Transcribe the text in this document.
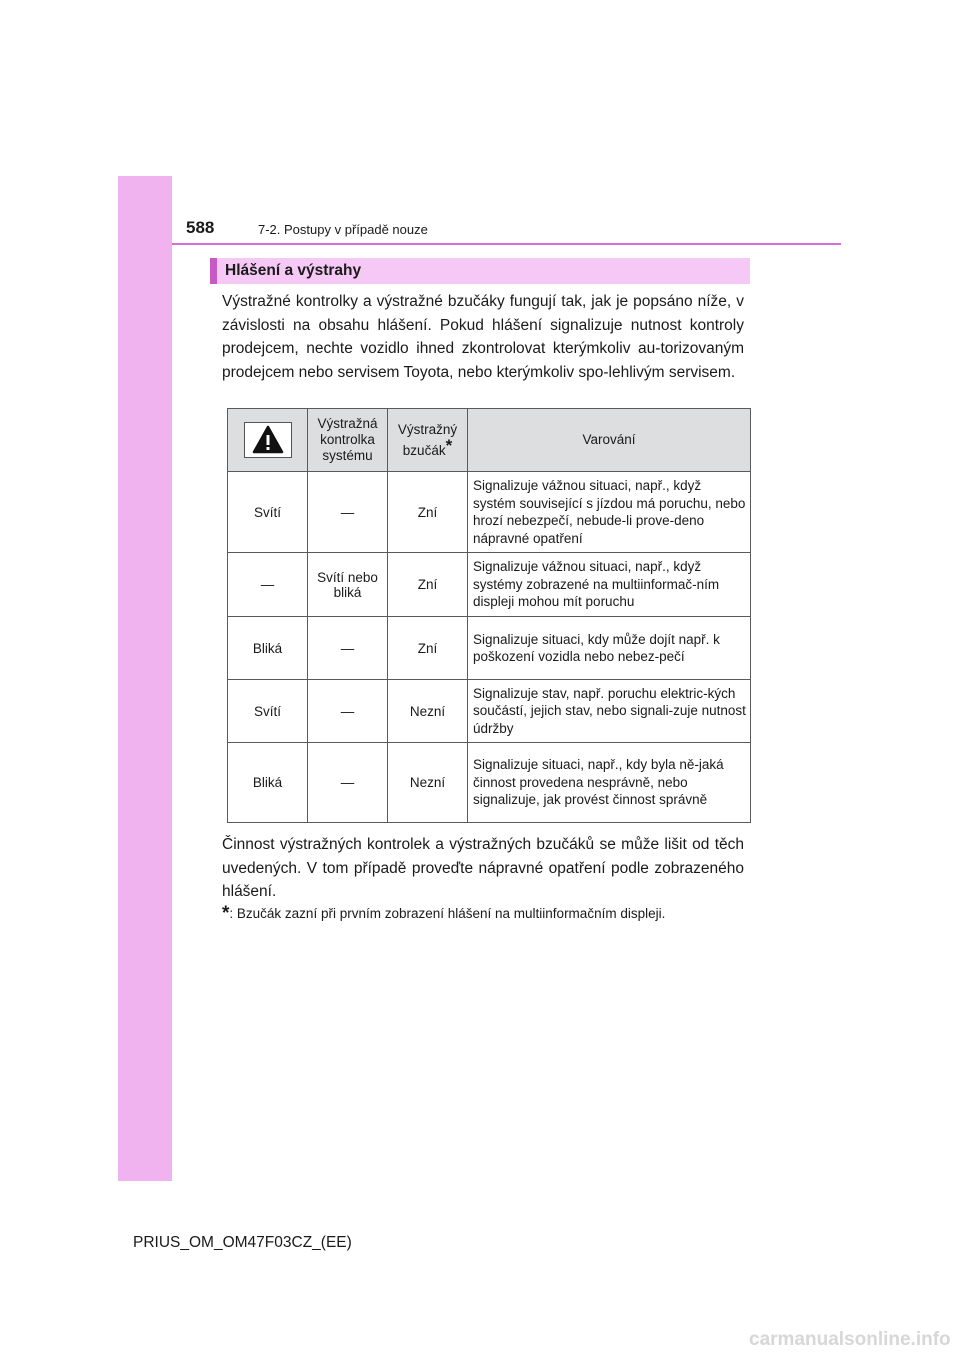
588	7-2. Postupy v případě nouze
Hlášení a výstrahy
Výstražné kontrolky a výstražné bzučáky fungují tak, jak je popsáno níže, v závislosti na obsahu hlášení. Pokud hlášení signalizuje nutnost kontroly prodejcem, nechte vozidlo ihned zkontrolovat kterýmkoliv au-torizovaným prodejcem nebo servisem Toyota, nebo kterýmkoliv spo-lehlivým servisem.
	Výstražná kontrolka systému	Výstražný bzučák*	Varování
Svítí	—	Zní	Signalizuje vážnou situaci, např., když systém související s jízdou má poruchu, nebo hrozí nebezpečí, nebude-li prove-deno nápravné opatření
—	Svítí nebo bliká	Zní	Signalizuje vážnou situaci, např., když systémy zobrazené na multiinformač-ním displeji mohou mít poruchu
Bliká	—	Zní	Signalizuje situaci, kdy může dojít např. k poškození vozidla nebo nebez-pečí
Svítí	—	Nezní	Signalizuje stav, např. poruchu elektric-kých součástí, jejich stav, nebo signali-zuje nutnost údržby
Bliká	—	Nezní	Signalizuje situaci, např., kdy byla ně-jaká činnost provedena nesprávně, nebo signalizuje, jak provést činnost správně
Činnost výstražných kontrolek a výstražných bzučáků se může lišit od těch uvedených. V tom případě proveďte nápravné opatření podle zobrazeného hlášení.
*: Bzučák zazní při prvním zobrazení hlášení na multiinformačním displeji.
PRIUS_OM_OM47F03CZ_(EE)
carmanualsonline.info
